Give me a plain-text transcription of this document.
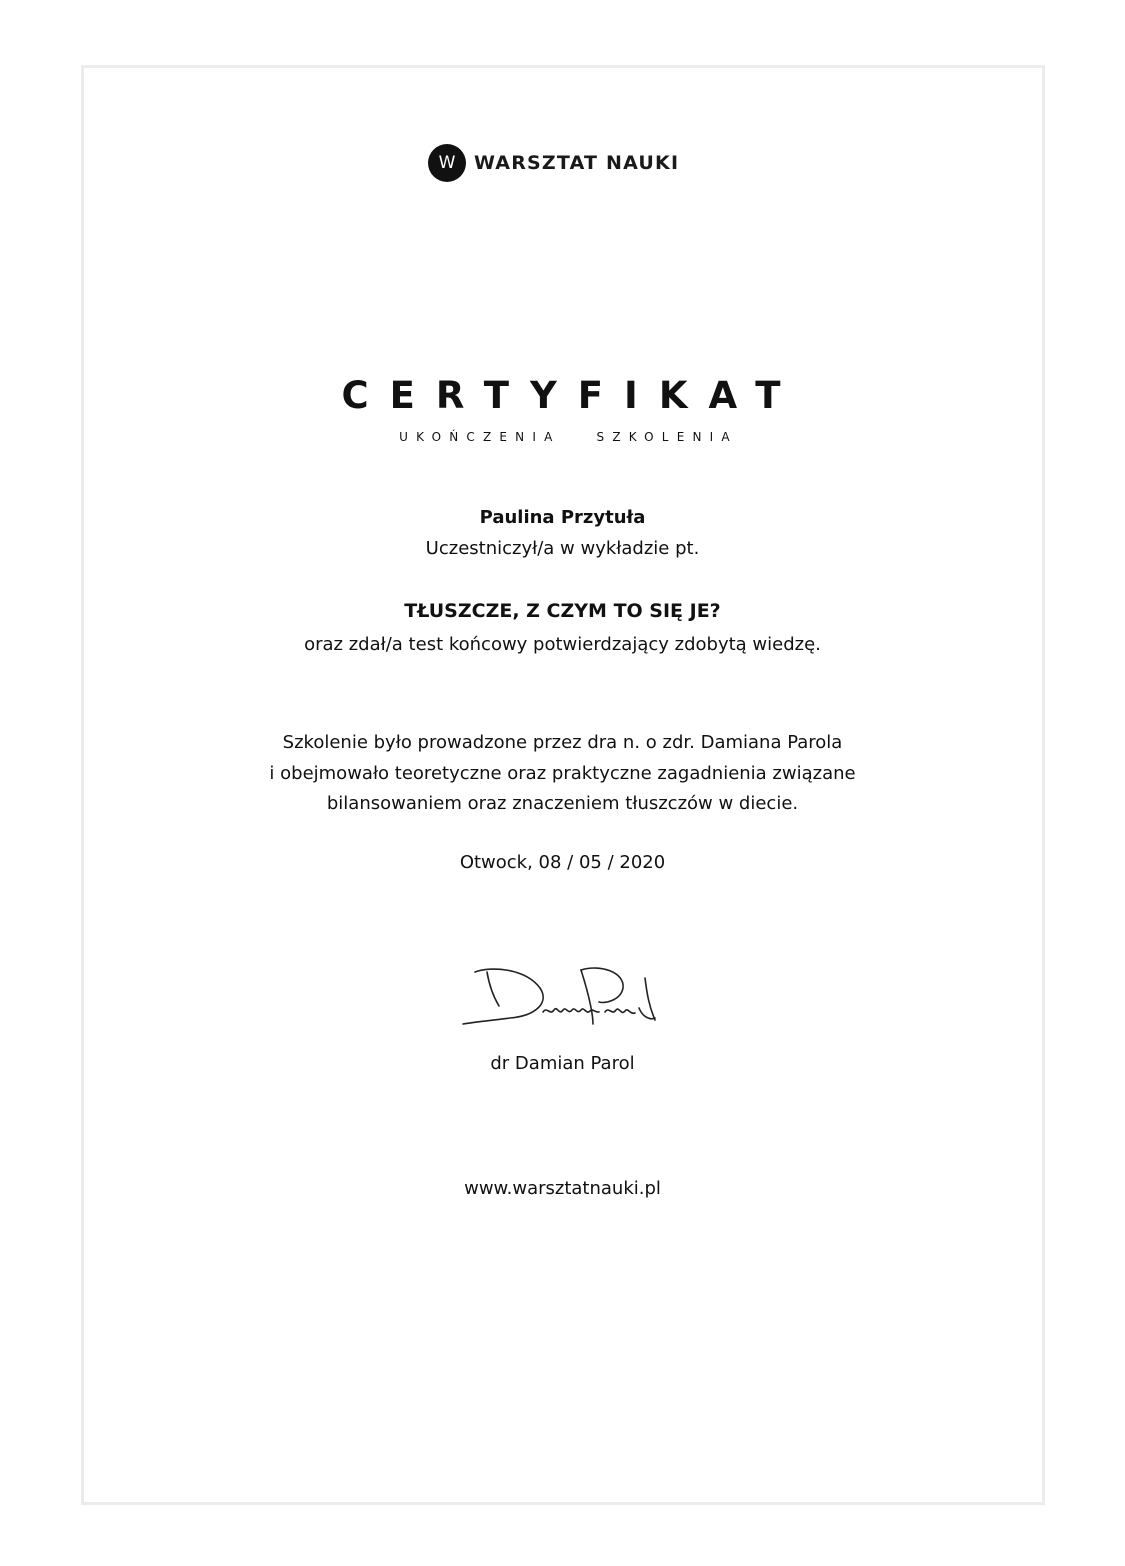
W WARSZTAT NAUKI
CERTYFIKAT
UKOŃCZENIA SZKOLENIA
Paulina Przytuła
Uczestniczył/a w wykładzie pt.
TŁUSZCZE, Z CZYM TO SIĘ JE?
oraz zdał/a test końcowy potwierdzający zdobytą wiedzę.
Szkolenie było prowadzone przez dra n. o zdr. Damiana Parola
i obejmowało teoretyczne oraz praktyczne zagadnienia związane
bilansowaniem oraz znaczeniem tłuszczów w diecie.
Otwock, 08 / 05 / 2020
dr Damian Parol
www.warsztatnauki.pl
